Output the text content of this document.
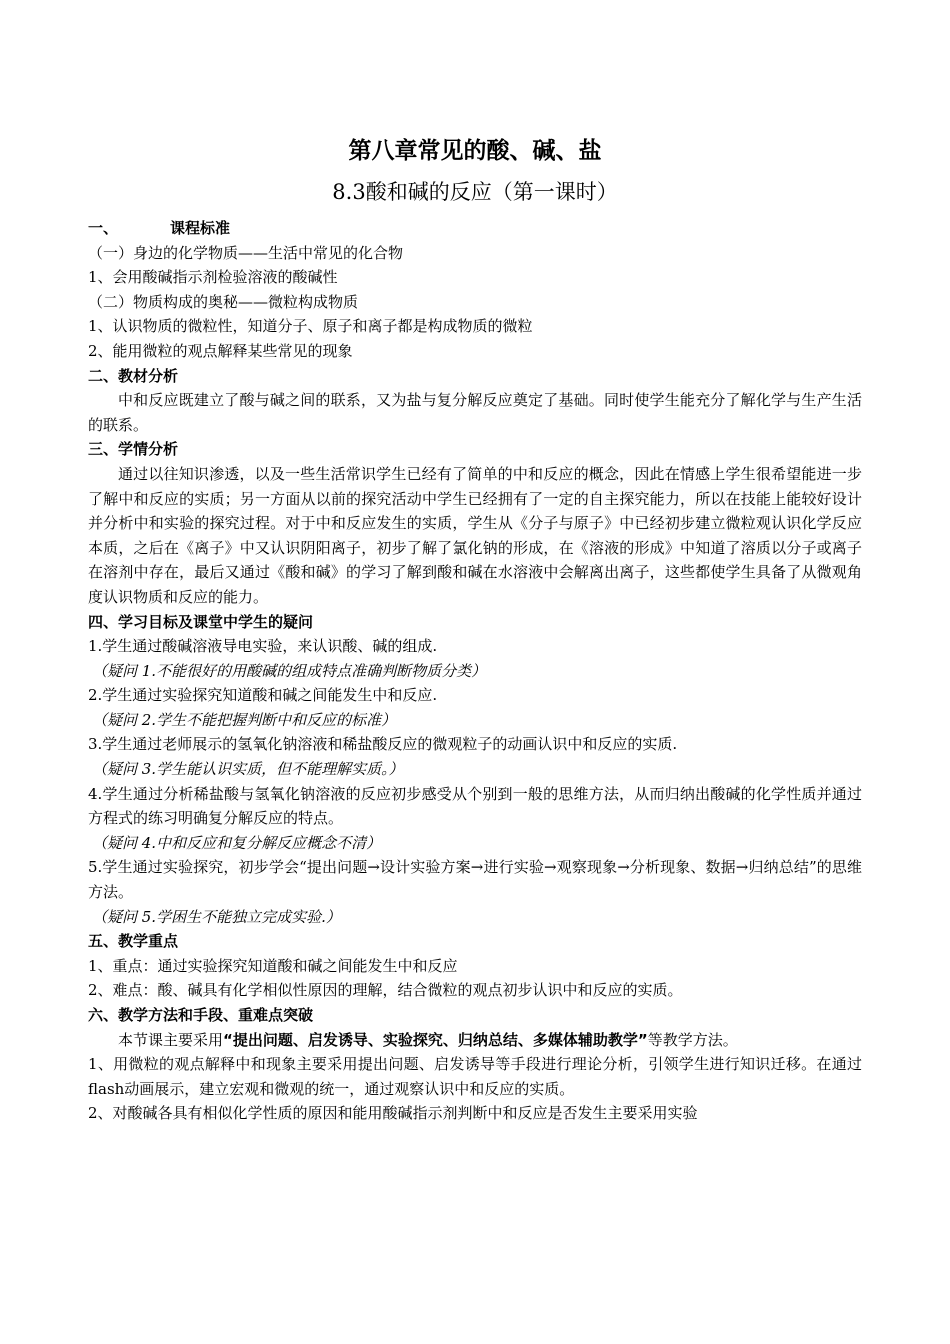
第八章常见的酸、碱、盐
8.3酸和碱的反应（第一课时）

一、	课程标准

（一）身边的化学物质——生活中常见的化合物

1、会用酸碱指示剂检验溶液的酸碱性

（二）物质构成的奥秘——微粒构成物质

1、认识物质的微粒性，知道分子、原子和离子都是构成物质的微粒

2、能用微粒的观点解释某些常见的现象

二、教材分析

中和反应既建立了酸与碱之间的联系，又为盐与复分解反应奠定了基础。同时使学生能充分了解化学与生产生活的联系。

三、学情分析

通过以往知识渗透，以及一些生活常识学生已经有了简单的中和反应的概念，因此在情感上学生很希望能进一步了解中和反应的实质；另一方面从以前的探究活动中学生已经拥有了一定的自主探究能力，所以在技能上能较好设计并分析中和实验的探究过程。对于中和反应发生的实质，学生从《分子与原子》中已经初步建立微粒观认识化学反应本质，之后在《离子》中又认识阴阳离子，初步了解了氯化钠的形成，在《溶液的形成》中知道了溶质以分子或离子在溶剂中存在，最后又通过《酸和碱》的学习了解到酸和碱在水溶液中会解离出离子，这些都使学生具备了从微观角度认识物质和反应的能力。

四、学习目标及课堂中学生的疑问

1.学生通过酸碱溶液导电实验，来认识酸、碱的组成.

（疑问 1.不能很好的用酸碱的组成特点准确判断物质分类）

2.学生通过实验探究知道酸和碱之间能发生中和反应.

（疑问 2.学生不能把握判断中和反应的标准）

3.学生通过老师展示的氢氧化钠溶液和稀盐酸反应的微观粒子的动画认识中和反应的实质.

（疑问 3.学生能认识实质，但不能理解实质。）

4.学生通过分析稀盐酸与氢氧化钠溶液的反应初步感受从个别到一般的思维方法，从而归纳出酸碱的化学性质并通过方程式的练习明确复分解反应的特点。

（疑问 4.中和反应和复分解反应概念不清）

5.学生通过实验探究，初步学会“提出问题→设计实验方案→进行实验→观察现象→分析现象、数据→归纳总结”的思维方法。

（疑问 5.学困生不能独立完成实验.）

五、教学重点

1、重点：通过实验探究知道酸和碱之间能发生中和反应

2、难点：酸、碱具有化学相似性原因的理解，结合微粒的观点初步认识中和反应的实质。

六、教学方法和手段、重难点突破

本节课主要采用“提出问题、启发诱导、实验探究、归纳总结、多媒体辅助教学”等教学方法。

1、用微粒的观点解释中和现象主要采用提出问题、启发诱导等手段进行理论分析，引领学生进行知识迁移。在通过flash动画展示，建立宏观和微观的统一，通过观察认识中和反应的实质。

2、对酸碱各具有相似化学性质的原因和能用酸碱指示剂判断中和反应是否发生主要采用实验
